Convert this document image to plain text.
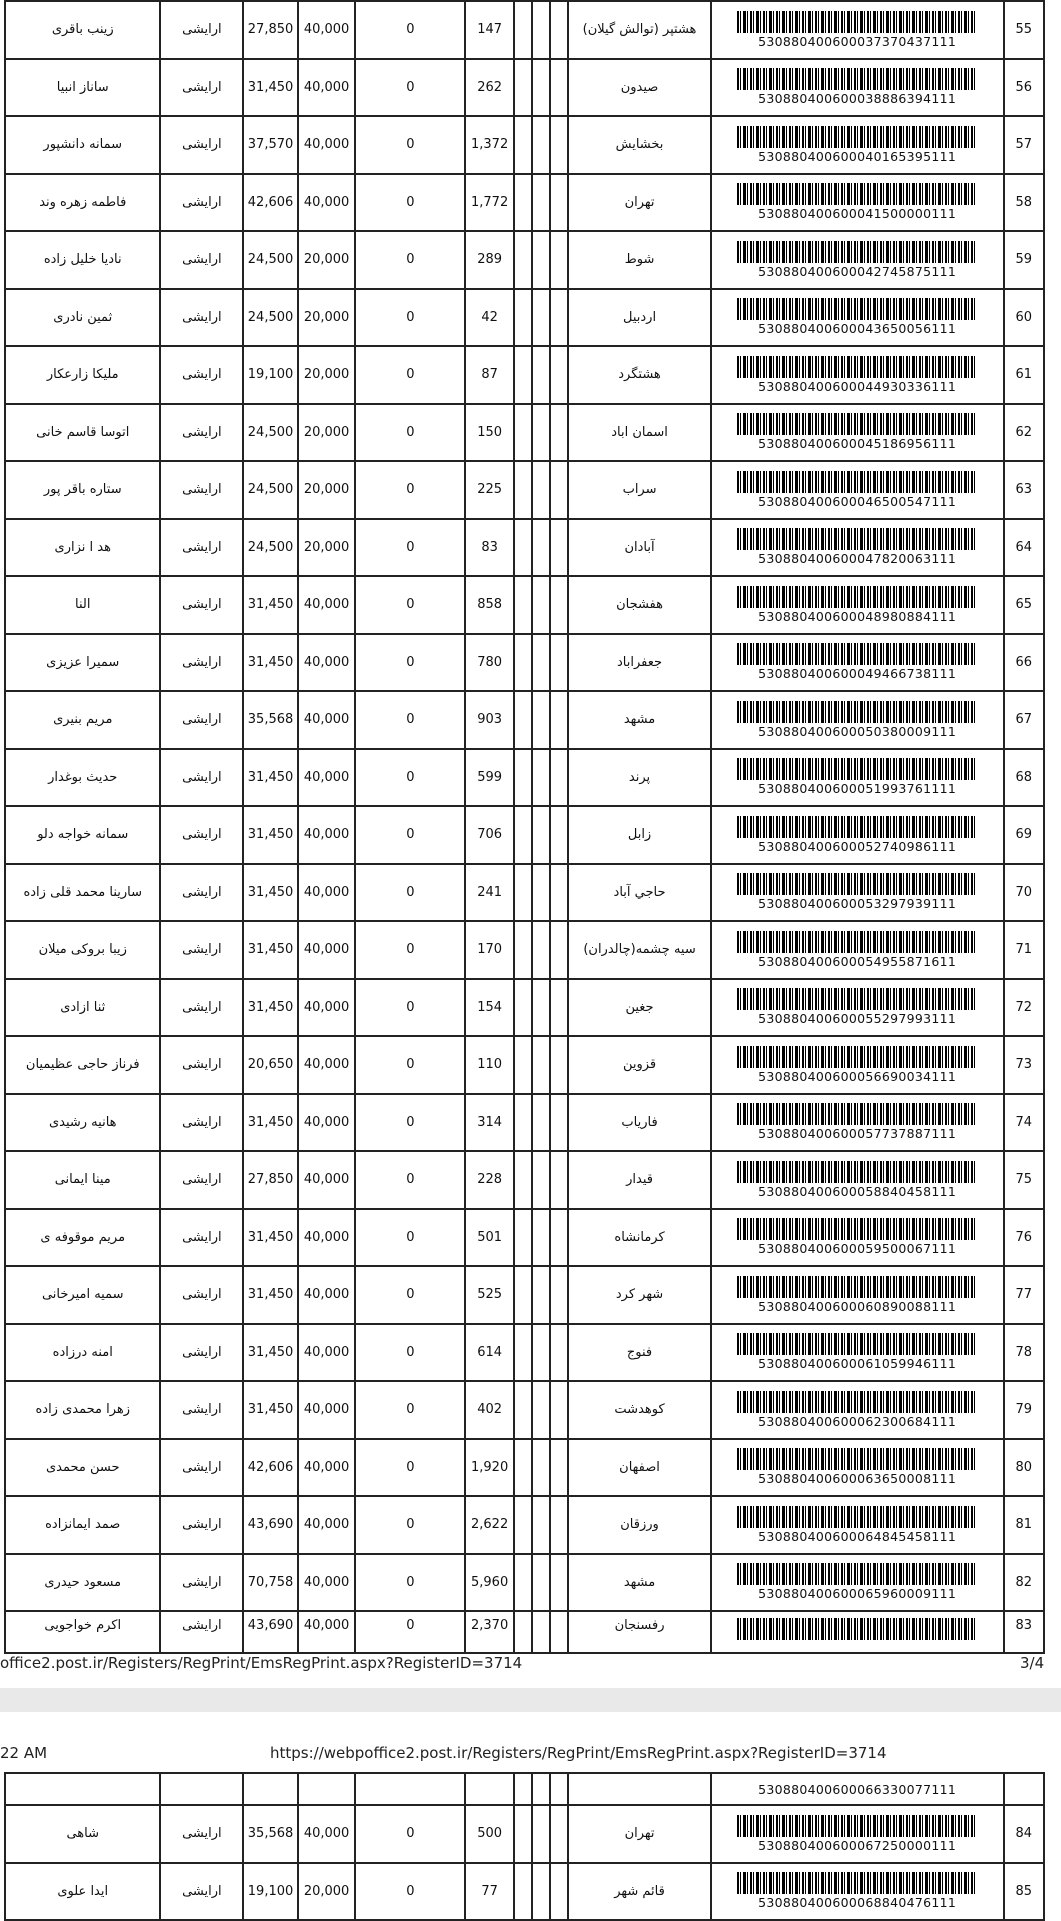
زینب باقری	ارایشی	27,850	40,000	0	147				هشتپر (توالش گیلان)	530880400600037370437111	55
ساناز انبیا	ارایشی	31,450	40,000	0	262				صیدون	530880400600038886394111	56
سمانه دانشپور	ارایشی	37,570	40,000	0	1,372				بخشایش	530880400600040165395111	57
فاطمه زهره وند	ارایشی	42,606	40,000	0	1,772				تهران	530880400600041500000111	58
نادیا خلیل زاده	ارایشی	24,500	20,000	0	289				شوط	530880400600042745875111	59
ثمین نادری	ارایشی	24,500	20,000	0	42				اردبیل	530880400600043650056111	60
ملیکا زارعکار	ارایشی	19,100	20,000	0	87				هشتگرد	530880400600044930336111	61
اتوسا قاسم خانی	ارایشی	24,500	20,000	0	150				اسمان اباد	530880400600045186956111	62
ستاره باقر پور	ارایشی	24,500	20,000	0	225				سراب	530880400600046500547111	63
هد ا نزاری	ارایشی	24,500	20,000	0	83				آبادان	530880400600047820063111	64
النا	ارایشی	31,450	40,000	0	858				هفشجان	530880400600048980884111	65
سمیرا عزیزی	ارایشی	31,450	40,000	0	780				جعفراباد	530880400600049466738111	66
مریم بنیری	ارایشی	35,568	40,000	0	903				مشهد	530880400600050380009111	67
حدیث بوغدار	ارایشی	31,450	40,000	0	599				پرند	530880400600051993761111	68
سمانه خواجه دلو	ارایشی	31,450	40,000	0	706				زابل	530880400600052740986111	69
سارینا محمد قلی زاده	ارایشی	31,450	40,000	0	241				حاجي آباد	530880400600053297939111	70
زیبا بروکی میلان	ارایشی	31,450	40,000	0	170				سیه چشمه(چالدران)	530880400600054955871611	71
ثنا ازادی	ارایشی	31,450	40,000	0	154				جغین	530880400600055297993111	72
فرناز حاجی عظیمیان	ارایشی	20,650	40,000	0	110				قزوین	530880400600056690034111	73
هانیه رشیدی	ارایشی	31,450	40,000	0	314				فاریاب	530880400600057737887111	74
مینا ایمانی	ارایشی	27,850	40,000	0	228				قیدار	530880400600058840458111	75
مریم موقوفه ی	ارایشی	31,450	40,000	0	501				کرمانشاه	530880400600059500067111	76
سمیه امیرخانی	ارایشی	31,450	40,000	0	525				شهر کرد	530880400600060890088111	77
امنه درزاده	ارایشی	31,450	40,000	0	614				فنوج	530880400600061059946111	78
زهرا محمدی زاده	ارایشی	31,450	40,000	0	402				کوهدشت	530880400600062300684111	79
حسن محمدی	ارایشی	42,606	40,000	0	1,920				اصفهان	530880400600063650008111	80
صمد ایمانزاده	ارایشی	43,690	40,000	0	2,622				ورزقان	530880400600064845458111	81
مسعود حیدری	ارایشی	70,758	40,000	0	5,960				مشهد	530880400600065960009111	82
اکرم خواجویی	ارایشی	43,690	40,000	0	2,370				رفسنجان		83
office2.post.ir/Registers/RegPrint/EmsRegPrint.aspx?RegisterID=3714	3/4
22 AM	https://webpoffice2.post.ir/Registers/RegPrint/EmsRegPrint.aspx?RegisterID=3714

										530880400600066330077111	

شاهی	ارایشی	35,568	40,000	0	500				تهران	530880400600067250000111	84
ایدا علوی	ارایشی	19,100	20,000	0	77				قائم شهر	530880400600068840476111	85
